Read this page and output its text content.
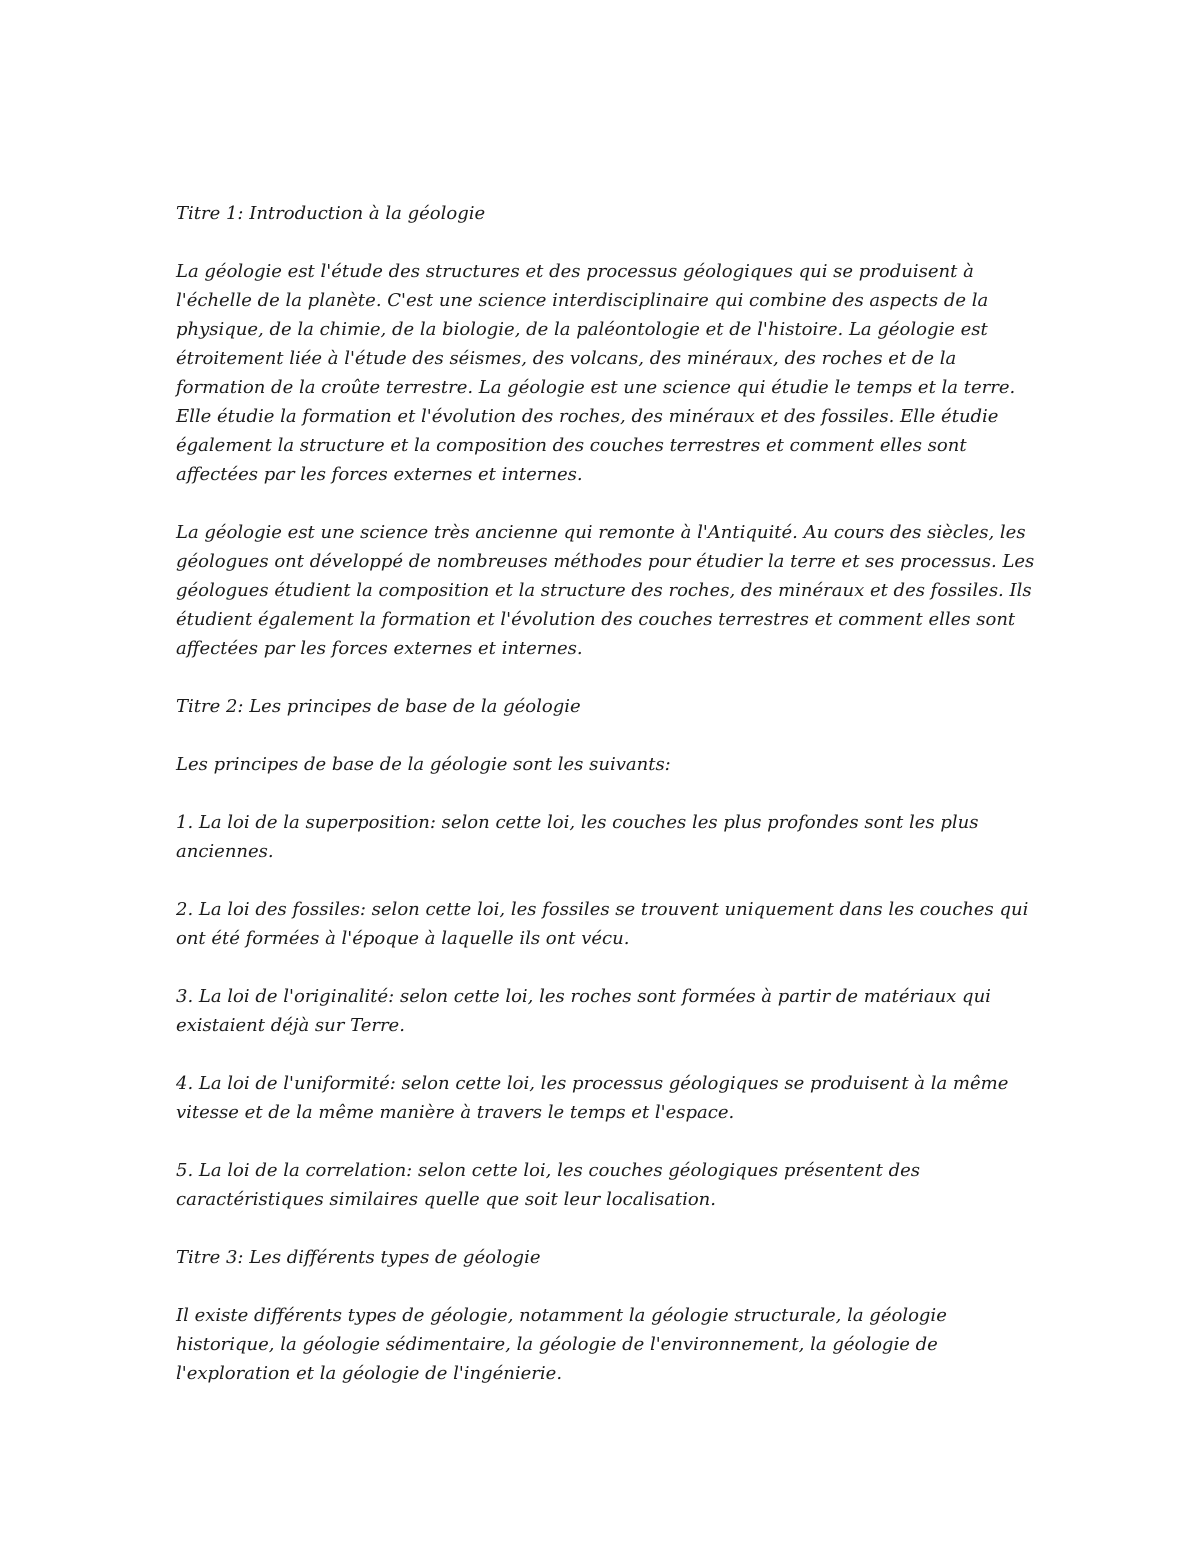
Titre 1: Introduction à la géologie

La géologie est l'étude des structures et des processus géologiques qui se produisent à l'échelle de la planète. C'est une science interdisciplinaire qui combine des aspects de la physique, de la chimie, de la biologie, de la paléontologie et de l'histoire. La géologie est étroitement liée à l'étude des séismes, des volcans, des minéraux, des roches et de la formation de la croûte terrestre. La géologie est une science qui étudie le temps et la terre. Elle étudie la formation et l'évolution des roches, des minéraux et des fossiles. Elle étudie également la structure et la composition des couches terrestres et comment elles sont affectées par les forces externes et internes.

La géologie est une science très ancienne qui remonte à l'Antiquité. Au cours des siècles, les géologues ont développé de nombreuses méthodes pour étudier la terre et ses processus. Les géologues étudient la composition et la structure des roches, des minéraux et des fossiles. Ils étudient également la formation et l'évolution des couches terrestres et comment elles sont affectées par les forces externes et internes.

Titre 2: Les principes de base de la géologie

Les principes de base de la géologie sont les suivants:

1. La loi de la superposition: selon cette loi, les couches les plus profondes sont les plus anciennes.

2. La loi des fossiles: selon cette loi, les fossiles se trouvent uniquement dans les couches qui ont été formées à l'époque à laquelle ils ont vécu.

3. La loi de l'originalité: selon cette loi, les roches sont formées à partir de matériaux qui existaient déjà sur Terre.

4. La loi de l'uniformité: selon cette loi, les processus géologiques se produisent à la même vitesse et de la même manière à travers le temps et l'espace.

5. La loi de la correlation: selon cette loi, les couches géologiques présentent des caractéristiques similaires quelle que soit leur localisation.

Titre 3: Les différents types de géologie

Il existe différents types de géologie, notamment la géologie structurale, la géologie historique, la géologie sédimentaire, la géologie de l'environnement, la géologie de l'exploration et la géologie de l'ingénierie.
